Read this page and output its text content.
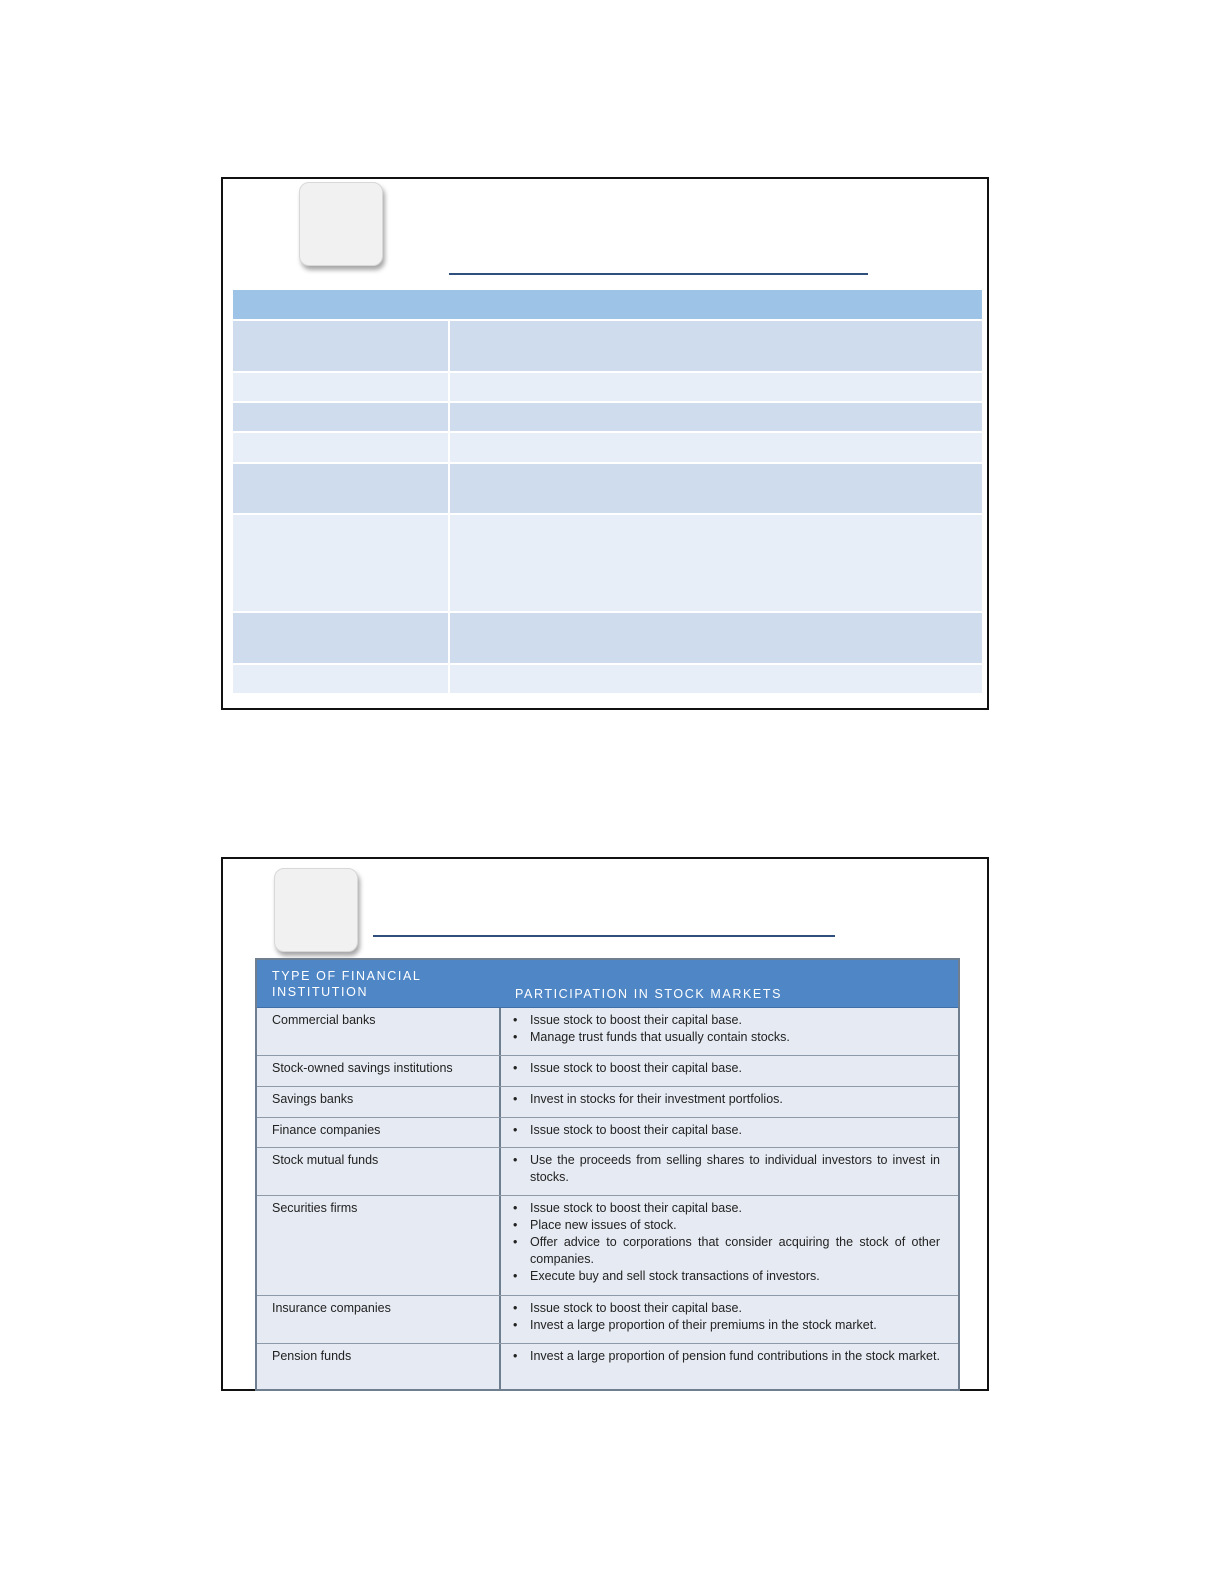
TYPE OF FINANCIAL
INSTITUTION	PARTICIPATION IN STOCK MARKETS
Commercial banks	• Issue stock to boost their capital base.
• Manage trust funds that usually contain stocks.
Stock-owned savings institutions	• Issue stock to boost their capital base.
Savings banks	• Invest in stocks for their investment portfolios.
Finance companies	• Issue stock to boost their capital base.
Stock mutual funds	• Use the proceeds from selling shares to individual investors to invest in stocks.
Securities firms	• Issue stock to boost their capital base.
• Place new issues of stock.
• Offer advice to corporations that consider acquiring the stock of other companies.
• Execute buy and sell stock transactions of investors.
Insurance companies	• Issue stock to boost their capital base.
• Invest a large proportion of their premiums in the stock market.
Pension funds	• Invest a large proportion of pension fund contributions in the stock market.
